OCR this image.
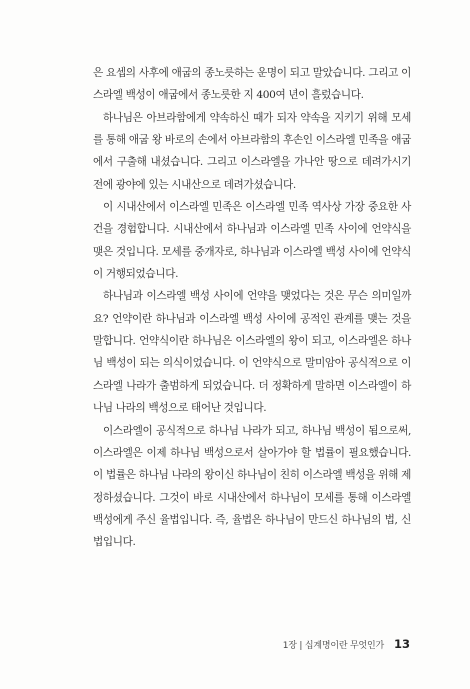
은 요셉의 사후에 애굽의 종노릇하는 운명이 되고 말았습니다. 그리고 이스라엘 백성이 애굽에서 종노릇한 지 400여 년이 흘렀습니다.

하나님은 아브라함에게 약속하신 때가 되자 약속을 지키기 위해 모세를 통해 애굽 왕 바로의 손에서 아브라함의 후손인 이스라엘 민족을 애굽에서 구출해 내셨습니다. 그리고 이스라엘을 가나안 땅으로 데려가시기 전에 광야에 있는 시내산으로 데려가셨습니다.

이 시내산에서 이스라엘 민족은 이스라엘 민족 역사상 가장 중요한 사건을 경험합니다. 시내산에서 하나님과 이스라엘 민족 사이에 언약식을 맺은 것입니다. 모세를 중개자로, 하나님과 이스라엘 백성 사이에 언약식이 거행되었습니다.

하나님과 이스라엘 백성 사이에 언약을 맺었다는 것은 무슨 의미일까요? 언약이란 하나님과 이스라엘 백성 사이에 공적인 관계를 맺는 것을 말합니다. 언약식이란 하나님은 이스라엘의 왕이 되고, 이스라엘은 하나님 백성이 되는 의식이었습니다. 이 언약식으로 말미암아 공식적으로 이스라엘 나라가 출범하게 되었습니다. 더 정확하게 말하면 이스라엘이 하나님 나라의 백성으로 태어난 것입니다.

이스라엘이 공식적으로 하나님 나라가 되고, 하나님 백성이 됨으로써, 이스라엘은 이제 하나님 백성으로서 살아가야 할 법률이 필요했습니다. 이 법률은 하나님 나라의 왕이신 하나님이 친히 이스라엘 백성을 위해 제정하셨습니다. 그것이 바로 시내산에서 하나님이 모세를 통해 이스라엘 백성에게 주신 율법입니다. 즉, 율법은 하나님이 만드신 하나님의 법, 신법입니다.

1장 | 십계명이란 무엇인가 13
